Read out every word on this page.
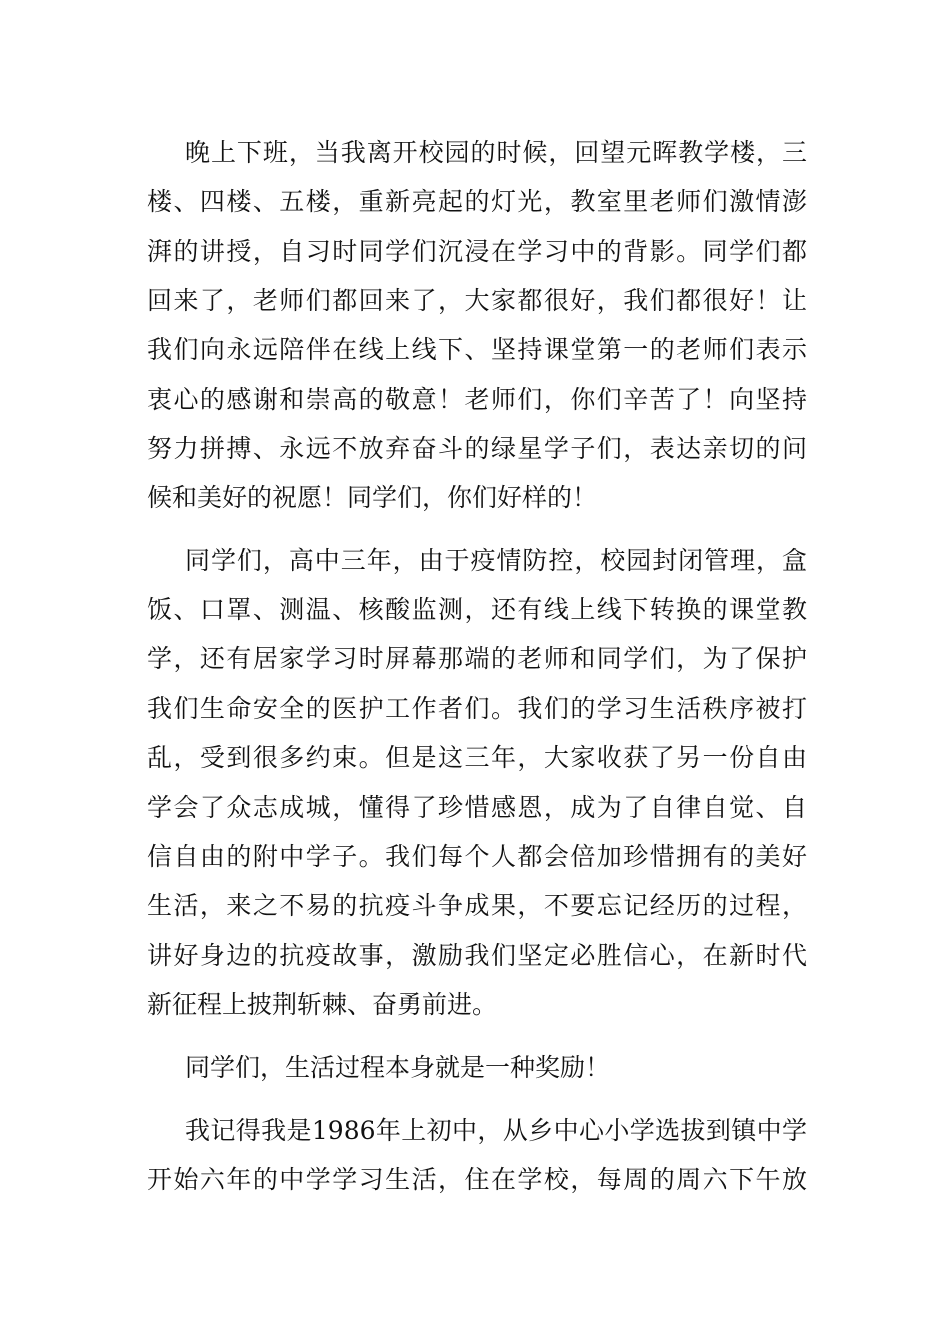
晚上下班，当我离开校园的时候，回望元晖教学楼，三
楼、四楼、五楼，重新亮起的灯光，教室里老师们激情澎
湃的讲授，自习时同学们沉浸在学习中的背影。同学们都
回来了，老师们都回来了，大家都很好，我们都很好！让
我们向永远陪伴在线上线下、坚持课堂第一的老师们表示
衷心的感谢和崇高的敬意！老师们，你们辛苦了！向坚持
努力拼搏、永远不放弃奋斗的绿星学子们，表达亲切的问
候和美好的祝愿！同学们，你们好样的！
同学们，高中三年，由于疫情防控，校园封闭管理，盒
饭、口罩、测温、核酸监测，还有线上线下转换的课堂教
学，还有居家学习时屏幕那端的老师和同学们，为了保护
我们生命安全的医护工作者们。我们的学习生活秩序被打
乱，受到很多约束。但是这三年，大家收获了另一份自由
学会了众志成城，懂得了珍惜感恩，成为了自律自觉、自
信自由的附中学子。我们每个人都会倍加珍惜拥有的美好
生活，来之不易的抗疫斗争成果，不要忘记经历的过程，
讲好身边的抗疫故事，激励我们坚定必胜信心，在新时代
新征程上披荆斩棘、奋勇前进。
同学们，生活过程本身就是一种奖励！
我记得我是1986年上初中，从乡中心小学选拔到镇中学
开始六年的中学学习生活，住在学校，每周的周六下午放
